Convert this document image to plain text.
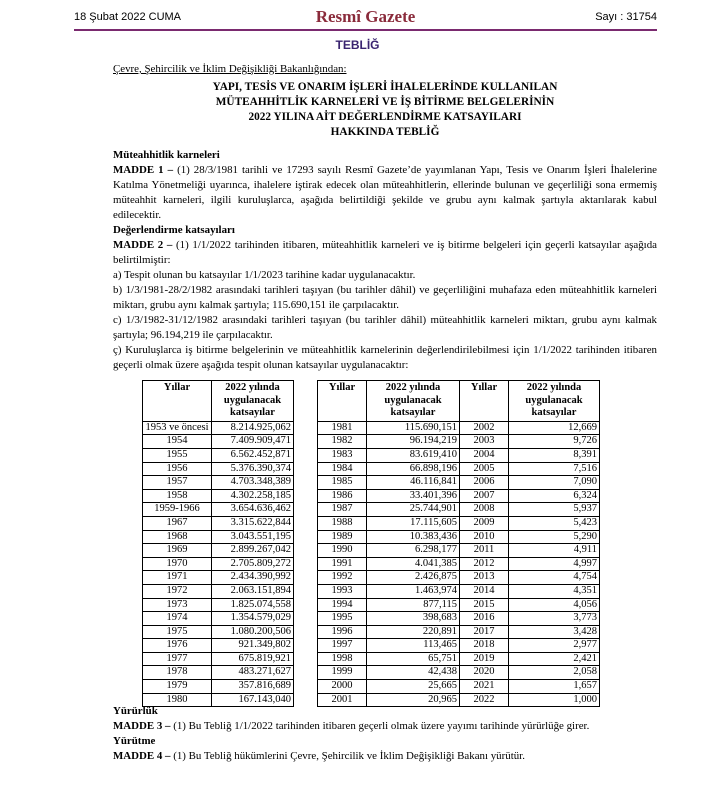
18 Şubat 2022 CUMA	Resmî Gazete	Sayı : 31754
TEBLİĞ

Çevre, Şehircilik ve İklim Değişikliği Bakanlığından:

YAPI, TESİS VE ONARIM İŞLERİ İHALELERİNDE KULLANILAN
MÜTEAHHİTLİK KARNELERİ VE İŞ BİTİRME BELGELERİNİN
2022 YILINA AİT DEĞERLENDİRME KATSAYILARI
HAKKINDA TEBLİĞ

Müteahhitlik karneleri

MADDE 1 – (1) 28/3/1981 tarihli ve 17293 sayılı Resmî Gazete’de yayımlanan Yapı, Tesis ve Onarım İşleri İhalelerine Katılma Yönetmeliği uyarınca, ihalelere iştirak edecek olan müteahhitlerin, ellerinde bulunan ve geçerliliği sona ermemiş müteahhit karneleri, ilgili kuruluşlarca, aşağıda belirtildiği şekilde ve grubu aynı kalmak şartıyla aktarılarak kabul edilecektir.

Değerlendirme katsayıları

MADDE 2 – (1) 1/1/2022 tarihinden itibaren, müteahhitlik karneleri ve iş bitirme belgeleri için geçerli katsayılar aşağıda belirtilmiştir:

a) Tespit olunan bu katsayılar 1/1/2023 tarihine kadar uygulanacaktır.

b) 1/3/1981-28/2/1982 arasındaki tarihleri taşıyan (bu tarihler dâhil) ve geçerliliğini muhafaza eden müteahhitlik karneleri miktarı, grubu aynı kalmak şartıyla; 115.690,151 ile çarpılacaktır.

c) 1/3/1982-31/12/1982 arasındaki tarihleri taşıyan (bu tarihler dâhil) müteahhitlik karneleri miktarı, grubu aynı kalmak şartıyla; 96.194,219 ile çarpılacaktır.

ç) Kuruluşlarca iş bitirme belgelerinin ve müteahhitlik karnelerinin değerlendirilebilmesi için 1/1/2022 tarihinden itibaren geçerli olmak üzere aşağıda tespit olunan katsayılar uygulanacaktır:

Yıllar	2022 yılında
uygulanacak
katsayılar
1953 ve öncesi	8.214.925,062
1954	7.409.909,471
1955	6.562.452,871
1956	5.376.390,374
1957	4.703.348,389
1958	4.302.258,185
1959-1966	3.654.636,462
1967	3.315.622,844
1968	3.043.551,195
1969	2.899.267,042
1970	2.705.809,272
1971	2.434.390,992
1972	2.063.151,894
1973	1.825.074,558
1974	1.354.579,029
1975	1.080.200,506
1976	921.349,802
1977	675.819,921
1978	483.271,627
1979	357.816,689
1980	167.143,040
Yıllar	2022 yılında
uygulanacak
katsayılar
1981	115.690,151
1982	96.194,219
1983	83.619,410
1984	66.898,196
1985	46.116,841
1986	33.401,396
1987	25.744,901
1988	17.115,605
1989	10.383,436
1990	6.298,177
1991	4.041,385
1992	2.426,875
1993	1.463,974
1994	877,115
1995	398,683
1996	220,891
1997	113,465
1998	65,751
1999	42,438
2000	25,665
2001	20,965
Yıllar	2022 yılında
uygulanacak
katsayılar
2002	12,669
2003	9,726
2004	8,391
2005	7,516
2006	7,090
2007	6,324
2008	5,937
2009	5,423
2010	5,290
2011	4,911
2012	4,997
2013	4,754
2014	4,351
2015	4,056
2016	3,773
2017	3,428
2018	2,977
2019	2,421
2020	2,058
2021	1,657
2022	1,000

Yürürlük

MADDE 3 – (1) Bu Tebliğ 1/1/2022 tarihinden itibaren geçerli olmak üzere yayımı tarihinde yürürlüğe girer.

Yürütme

MADDE 4 – (1) Bu Tebliğ hükümlerini Çevre, Şehircilik ve İklim Değişikliği Bakanı yürütür.
